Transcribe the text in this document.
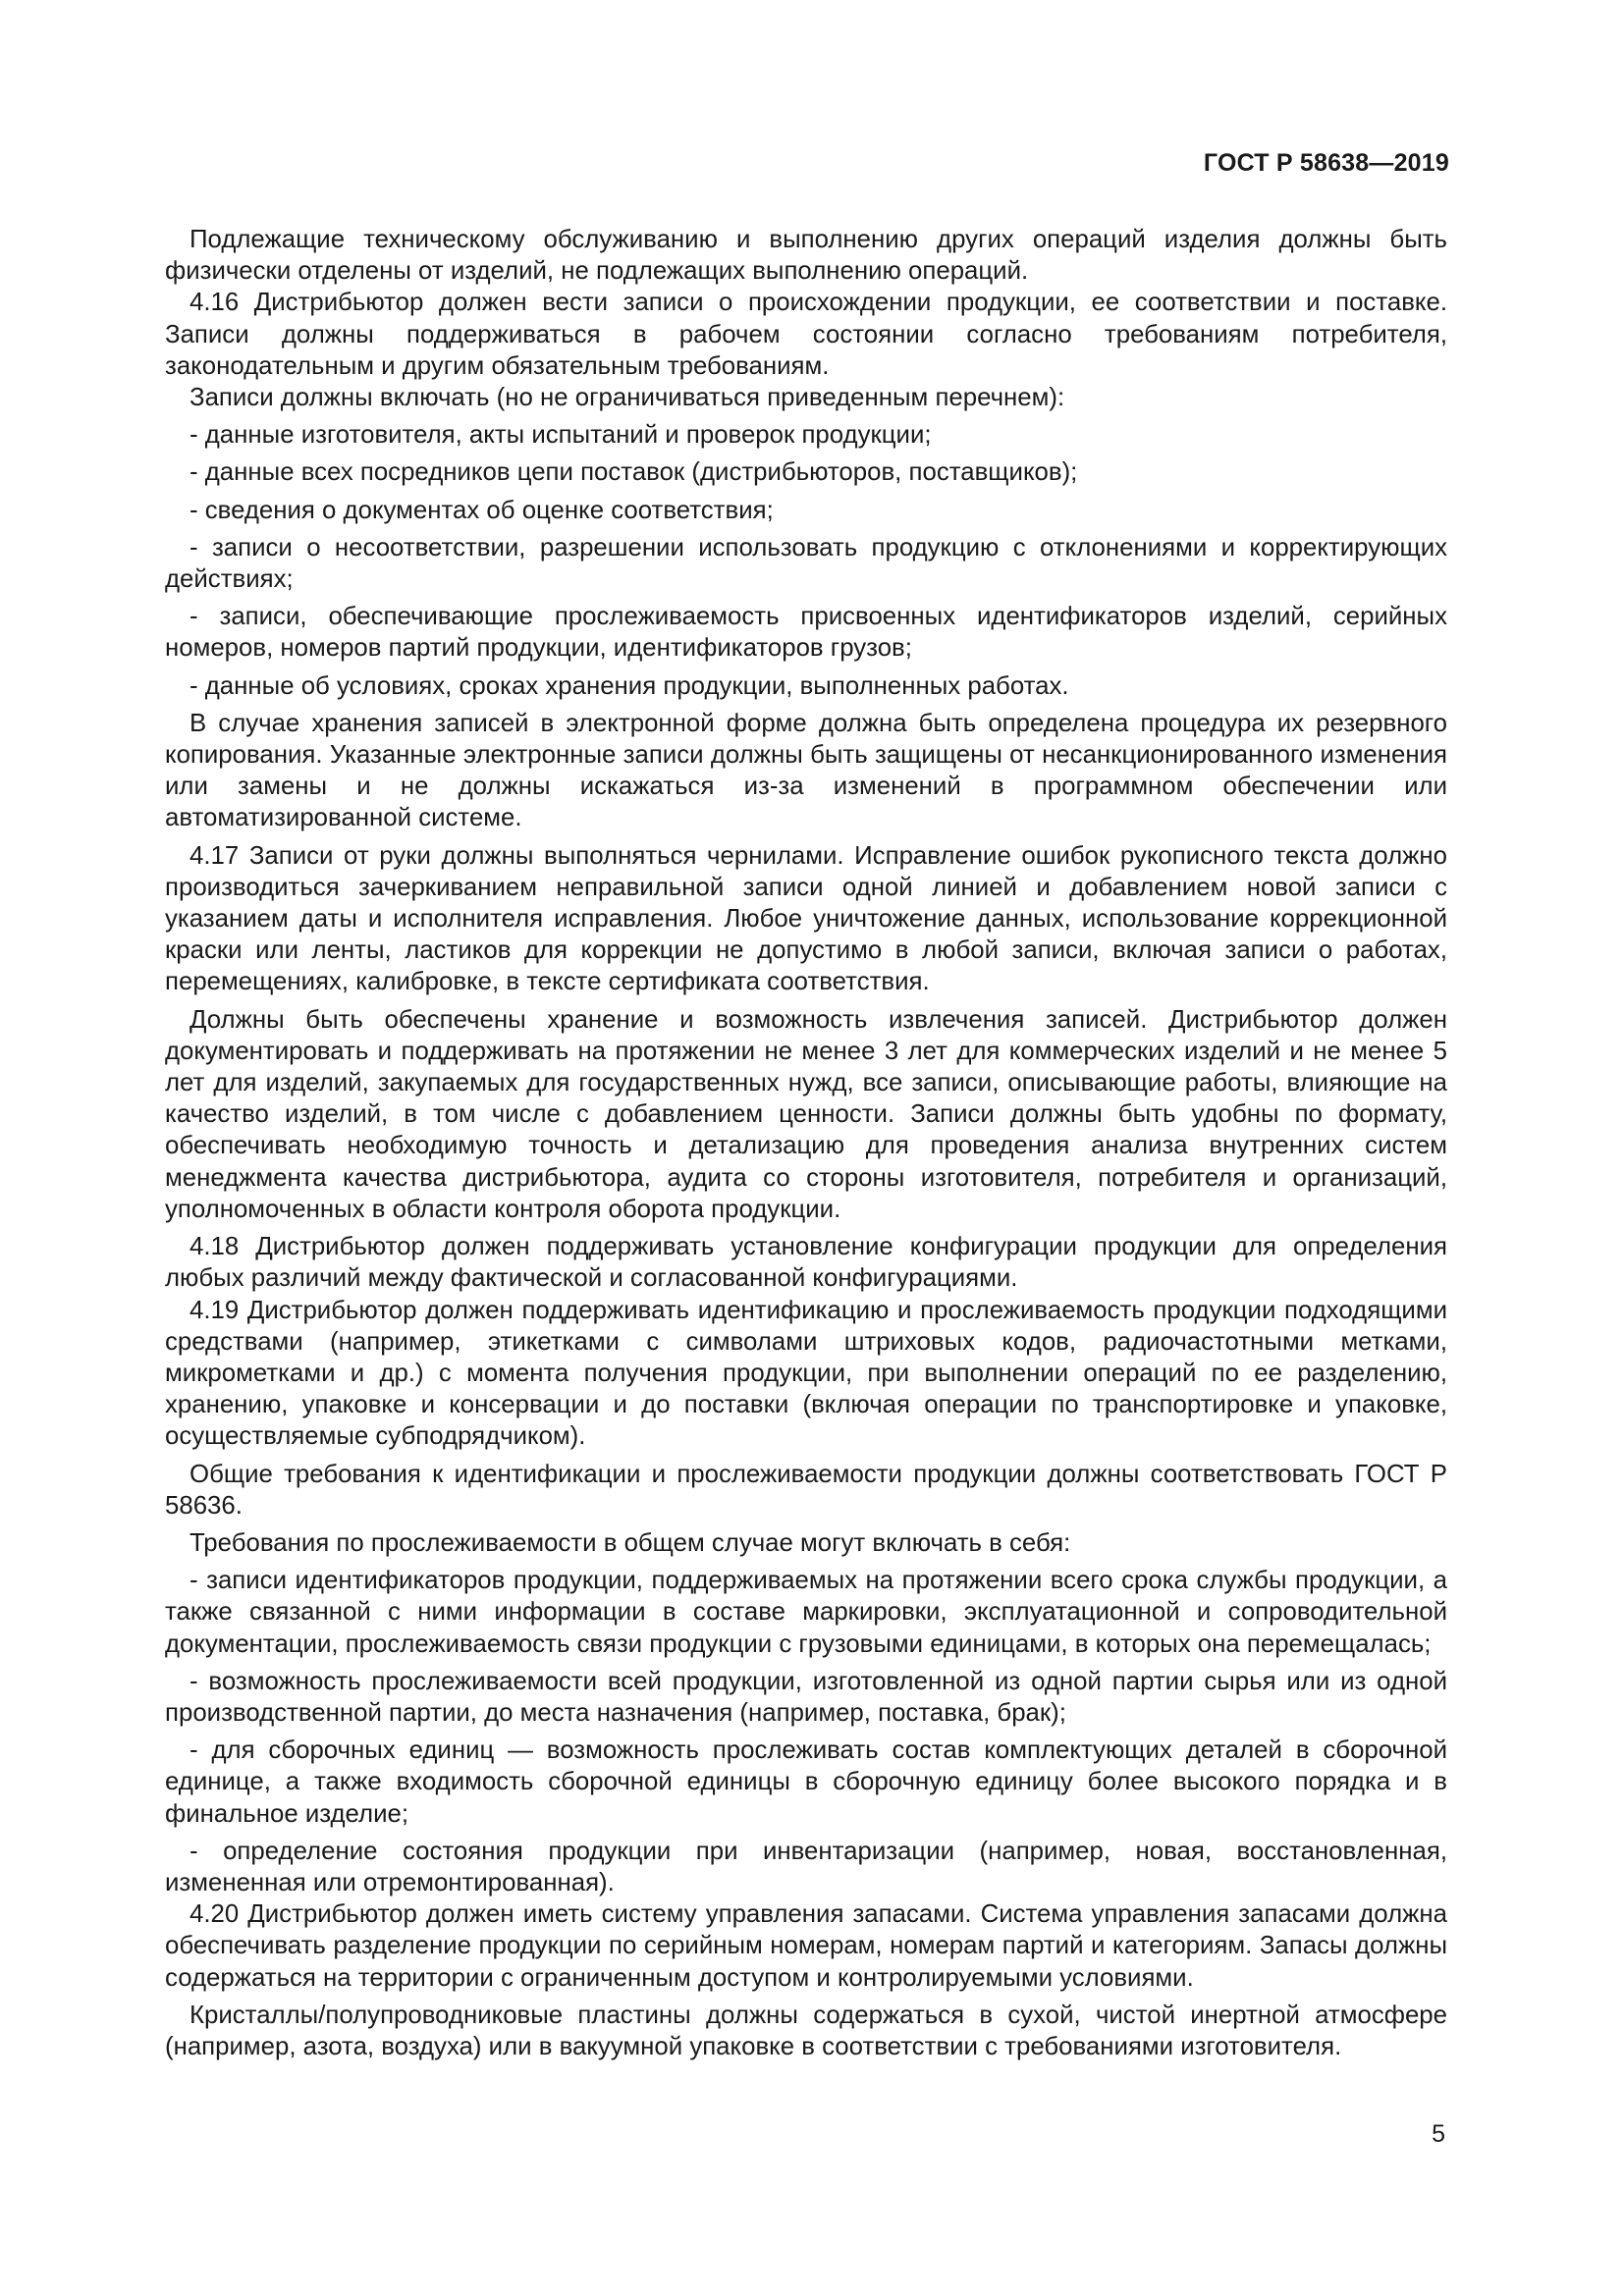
ГОСТ Р 58638—2019

Подлежащие техническому обслуживанию и выполнению других операций изделия должны быть физически отделены от изделий, не подлежащих выполнению операций.

4.16 Дистрибьютор должен вести записи о происхождении продукции, ее соответствии и поставке. Записи должны поддерживаться в рабочем состоянии согласно требованиям потребителя, законодательным и другим обязательным требованиям.

Записи должны включать (но не ограничиваться приведенным перечнем):

- данные изготовителя, акты испытаний и проверок продукции;

- данные всех посредников цепи поставок (дистрибьюторов, поставщиков);

- сведения о документах об оценке соответствия;

- записи о несоответствии, разрешении использовать продукцию с отклонениями и корректирующих действиях;

- записи, обеспечивающие прослеживаемость присвоенных идентификаторов изделий, серийных номеров, номеров партий продукции, идентификаторов грузов;

- данные об условиях, сроках хранения продукции, выполненных работах.

В случае хранения записей в электронной форме должна быть определена процедура их резервного копирования. Указанные электронные записи должны быть защищены от несанкционированного изменения или замены и не должны искажаться из-за изменений в программном обеспечении или автоматизированной системе.

4.17 Записи от руки должны выполняться чернилами. Исправление ошибок рукописного текста должно производиться зачеркиванием неправильной записи одной линией и добавлением новой записи с указанием даты и исполнителя исправления. Любое уничтожение данных, использование коррекционной краски или ленты, ластиков для коррекции не допустимо в любой записи, включая записи о работах, перемещениях, калибровке, в тексте сертификата соответствия.

Должны быть обеспечены хранение и возможность извлечения записей. Дистрибьютор должен документировать и поддерживать на протяжении не менее 3 лет для коммерческих изделий и не менее 5 лет для изделий, закупаемых для государственных нужд, все записи, описывающие работы, влияющие на качество изделий, в том числе с добавлением ценности. Записи должны быть удобны по формату, обеспечивать необходимую точность и детализацию для проведения анализа внутренних систем менеджмента качества дистрибьютора, аудита со стороны изготовителя, потребителя и организаций, уполномоченных в области контроля оборота продукции.

4.18 Дистрибьютор должен поддерживать установление конфигурации продукции для определения любых различий между фактической и согласованной конфигурациями.

4.19 Дистрибьютор должен поддерживать идентификацию и прослеживаемость продукции подходящими средствами (например, этикетками с символами штриховых кодов, радиочастотными метками, микрометками и др.) с момента получения продукции, при выполнении операций по ее разделению, хранению, упаковке и консервации и до поставки (включая операции по транспортировке и упаковке, осуществляемые субподрядчиком).

Общие требования к идентификации и прослеживаемости продукции должны соответствовать ГОСТ Р 58636.

Требования по прослеживаемости в общем случае могут включать в себя:

- записи идентификаторов продукции, поддерживаемых на протяжении всего срока службы продукции, а также связанной с ними информации в составе маркировки, эксплуатационной и сопроводительной документации, прослеживаемость связи продукции с грузовыми единицами, в которых она перемещалась;

- возможность прослеживаемости всей продукции, изготовленной из одной партии сырья или из одной производственной партии, до места назначения (например, поставка, брак);

- для сборочных единиц — возможность прослеживать состав комплектующих деталей в сборочной единице, а также входимость сборочной единицы в сборочную единицу более высокого порядка и в финальное изделие;

- определение состояния продукции при инвентаризации (например, новая, восстановленная, измененная или отремонтированная).

4.20 Дистрибьютор должен иметь систему управления запасами. Система управления запасами должна обеспечивать разделение продукции по серийным номерам, номерам партий и категориям. Запасы должны содержаться на территории с ограниченным доступом и контролируемыми условиями.

Кристаллы/полупроводниковые пластины должны содержаться в сухой, чистой инертной атмосфере (например, азота, воздуха) или в вакуумной упаковке в соответствии с требованиями изготовителя.

5
